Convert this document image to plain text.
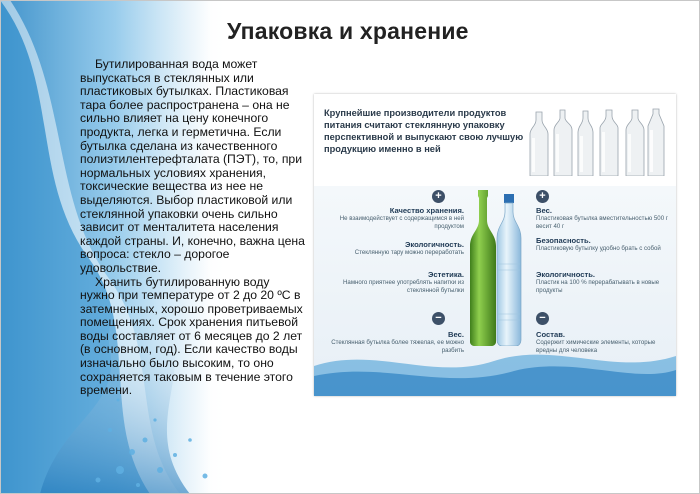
Упаковка и хранение

Бутилированная вода может выпускаться в стеклянных или пластиковых бутылках. Пластиковая тара более распространена – она не сильно влияет на цену конечного продукта, легка и герметична. Если бутылка сделана из качественного полиэтилентерефталата (ПЭТ), то, при нормальных условиях хранения, токсические вещества из нее не выделяются. Выбор пластиковой или стеклянной упаковки очень сильно зависит от менталитета населения каждой страны. И, конечно, важна цена вопроса: стекло – дорогое удовольствие.

Хранить бутилированную воду нужно при температуре от 2 до 20 ºС в затемненных, хорошо проветриваемых помещениях. Срок хранения питьевой воды составляет от 6 месяцев до 2 лет (в основном, год). Если качество воды изначально было высоким, то оно сохраняется таковым в течение этого времени.

Крупнейшие производители продуктов питания считают стеклянную упаковку перспективной и выпускают свою лучшую продукцию именно в ней
+
−
+
−
Качество хранения.
Не взаимодействует с содержащимся в ней продуктом
Экологичность.
Стеклянную тару можно переработать
Эстетика.
Намного приятнее употреблять напитки из стеклянной бутылки
Вес.
Стеклянная бутылка более тяжелая, ее можно разбить
Вес.
Пластиковая бутылка вместительностью 500 г весит 40 г
Безопасность.
Пластиковую бутылку удобно брать с собой
Экологичность.
Пластик на 100 % перерабатывать в новые продукты
Состав.
Содержит химические элементы, которые вредны для человека
